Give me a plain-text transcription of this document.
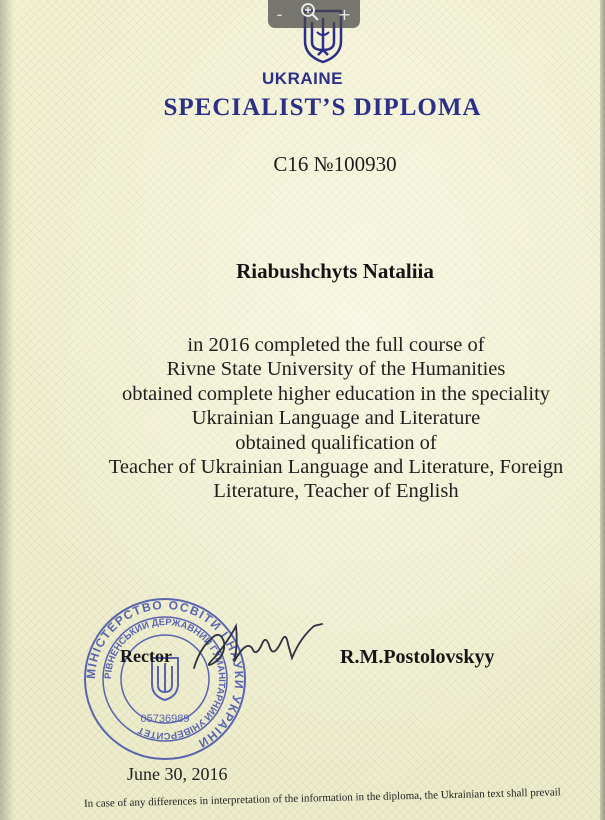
-	+
UKRAINE
SPECIALIST’S DIPLOMA
C16 №100930
Riabushchyts Nataliia
in 2016 completed the full course of
Rivne State University of the Humanities
obtained complete higher education in the speciality
Ukrainian Language and Literature
obtained qualification of
Teacher of Ukrainian Language and Literature, Foreign
Literature, Teacher of English
МІНІСТЕРСТВО ОСВІТИ І НАУКИ УКРАЇНИ
РІВНЕНСЬКИЙ ДЕРЖАВНИЙ ГУМАНІТАРНИЙ УНІВЕРСИТЕТ
05736989
Rector	R.M.Postolovskyy
June 30, 2016
In case of any differences in interpretation of the information in the diploma, the Ukrainian text shall prevail
